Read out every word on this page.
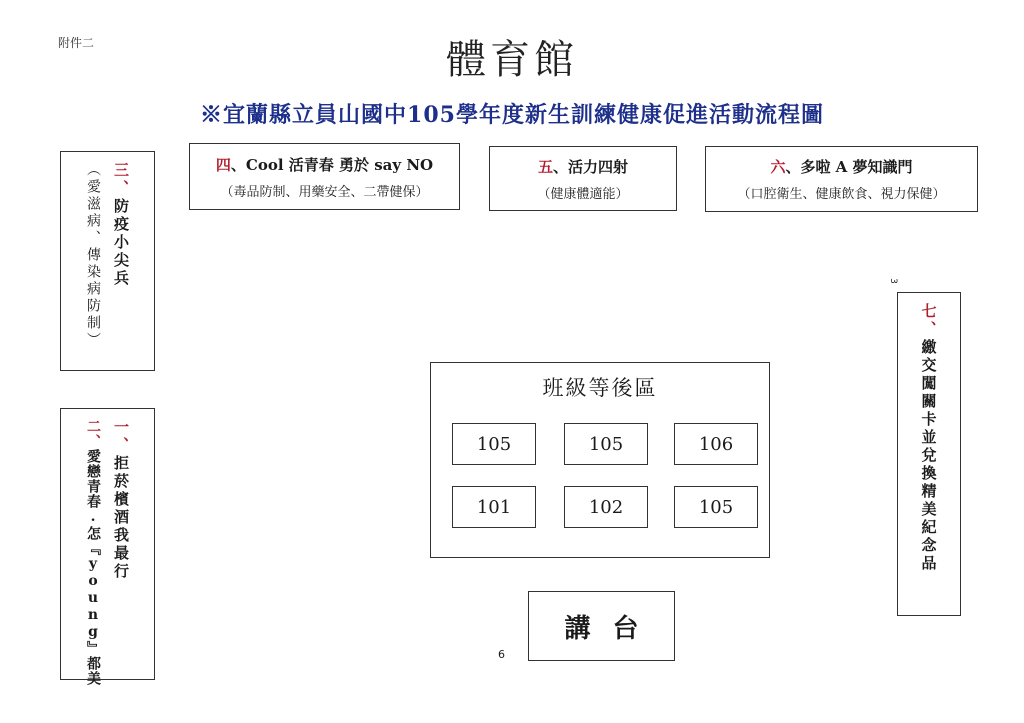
附件二	體育館
※宜蘭縣立員山國中105學年度新生訓練健康促進活動流程圖
四、Cool 活青春 勇於 say NO
（毒品防制、用藥安全、二帶健保）
五、活力四射
（健康體適能）
六、多啦 A 夢知識門
（口腔衛生、健康飲食、視力保健）
三、防疫小尖兵
（愛滋病、傳染病防制）
一、拒菸檳酒我最行
二、愛戀青春.怎『young』都美
七、繳交闖關卡並兌換精美紀念品
班級等後區
105	105	106
101	102	105
講台
6
3
